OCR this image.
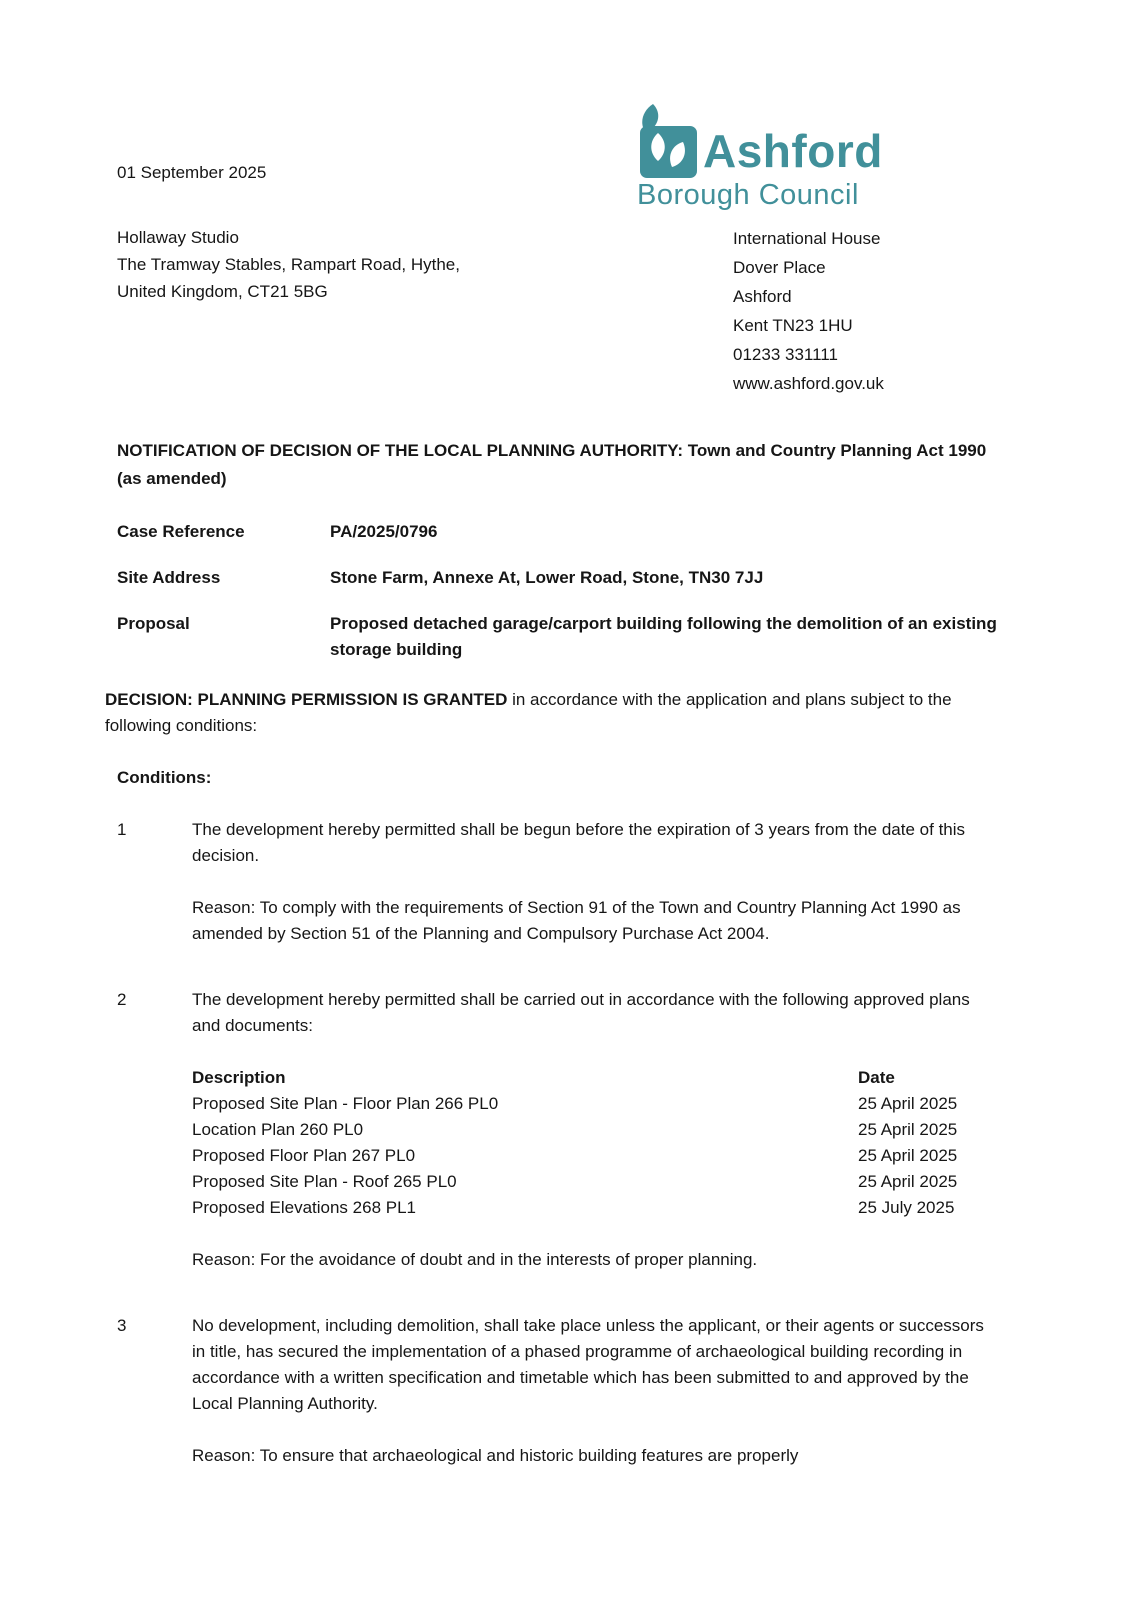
01 September 2025
Hollaway Studio
The Tramway Stables, Rampart Road, Hythe,
United Kingdom, CT21 5BG
Ashford
Borough Council
International House
Dover Place
Ashford
Kent TN23 1HU
01233 331111
www.ashford.gov.uk
NOTIFICATION OF DECISION OF THE LOCAL PLANNING AUTHORITY: Town and Country Planning Act 1990 (as amended)
Case Reference	PA/2025/0796
Site Address	Stone Farm, Annexe At, Lower Road, Stone, TN30 7JJ
Proposal	Proposed detached garage/carport building following the demolition of an existing storage building
DECISION: PLANNING PERMISSION IS GRANTED in accordance with the application and plans subject to the following conditions:
Conditions:
1	The development hereby permitted shall be begun before the expiration of 3 years from the date of this decision.
Reason: To comply with the requirements of Section 91 of the Town and Country Planning Act 1990 as amended by Section 51 of the Planning and Compulsory Purchase Act 2004.
2	The development hereby permitted shall be carried out in accordance with the following approved plans and documents:
Description	Date
Proposed Site Plan - Floor Plan 266 PL0	25 April 2025
Location Plan 260 PL0	25 April 2025
Proposed Floor Plan 267 PL0	25 April 2025
Proposed Site Plan - Roof 265 PL0	25 April 2025
Proposed Elevations 268 PL1	25 July 2025
Reason: For the avoidance of doubt and in the interests of proper planning.
3	No development, including demolition, shall take place unless the applicant, or their agents or successors in title, has secured the implementation of a phased programme of archaeological building recording in accordance with a written specification and timetable which has been submitted to and approved by the Local Planning Authority.
Reason: To ensure that archaeological and historic building features are properly
